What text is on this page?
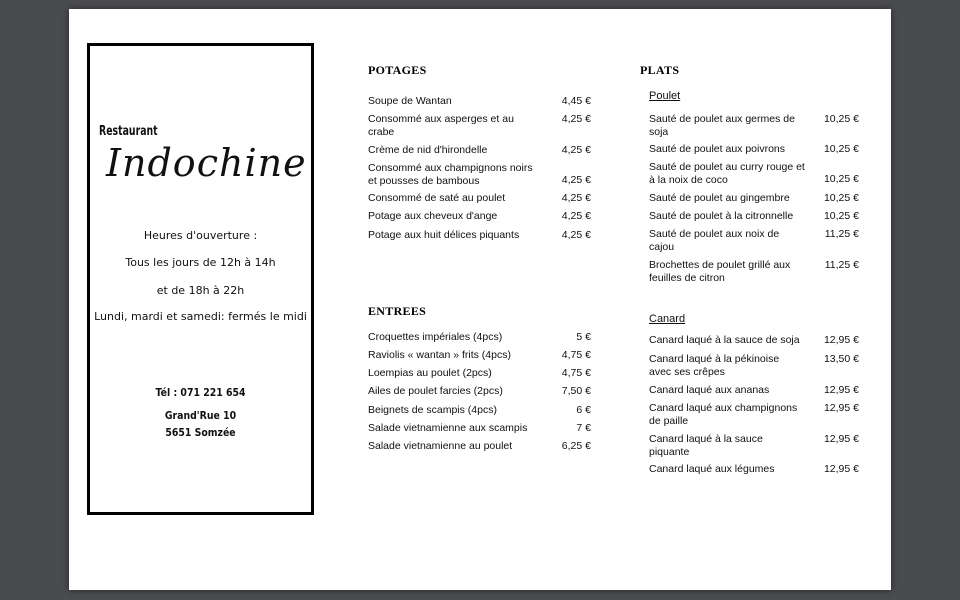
Restaurant
Indochine
Heures d'ouverture :
Tous les jours de 12h à 14h
et de 18h à 22h
Lundi, mardi et samedi: fermés le midi
Tél : 071 221 654
Grand'Rue 10
5651 Somzée
POTAGES
Soupe de Wantan	4,45 €
Consommé aux asperges et au crabe
4,25 €
Crème de nid d'hirondelle	4,25 €
Consommé aux champignons noirs et pousses de bambous	4,25 €
Consommé de saté au poulet	4,25 €
Potage aux cheveux d'ange	4,25 €
Potage aux huit délices piquants	4,25 €
ENTREES
Croquettes impériales (4pcs)	5 €
Raviolis « wantan » frits (4pcs)	4,75 €
Loempias au poulet (2pcs)	4,75 €
Ailes de poulet farcies (2pcs)	7,50 €
Beignets de scampis (4pcs)	6 €
Salade vietnamienne aux scampis	7 €
Salade vietnamienne au poulet	6,25 €
PLATS
Poulet
Sauté de poulet aux germes de soja
10,25 €
Sauté de poulet aux poivrons	10,25 €
Sauté de poulet au curry rouge et à la noix de coco	10,25 €
Sauté de poulet au gingembre	10,25 €
Sauté de poulet à la citronnelle	10,25 €
Sauté de poulet aux noix de cajou
11,25 €
Brochettes de poulet grillé aux feuilles de citron
11,25 €
Canard
Canard laqué à la sauce de soja	12,95 €
Canard laqué à la pékinoise avec ses crêpes
13,50 €
Canard laqué aux ananas	12,95 €
Canard laqué aux champignons de paille
12,95 €
Canard laqué à la sauce piquante
12,95 €
Canard laqué aux légumes	12,95 €
